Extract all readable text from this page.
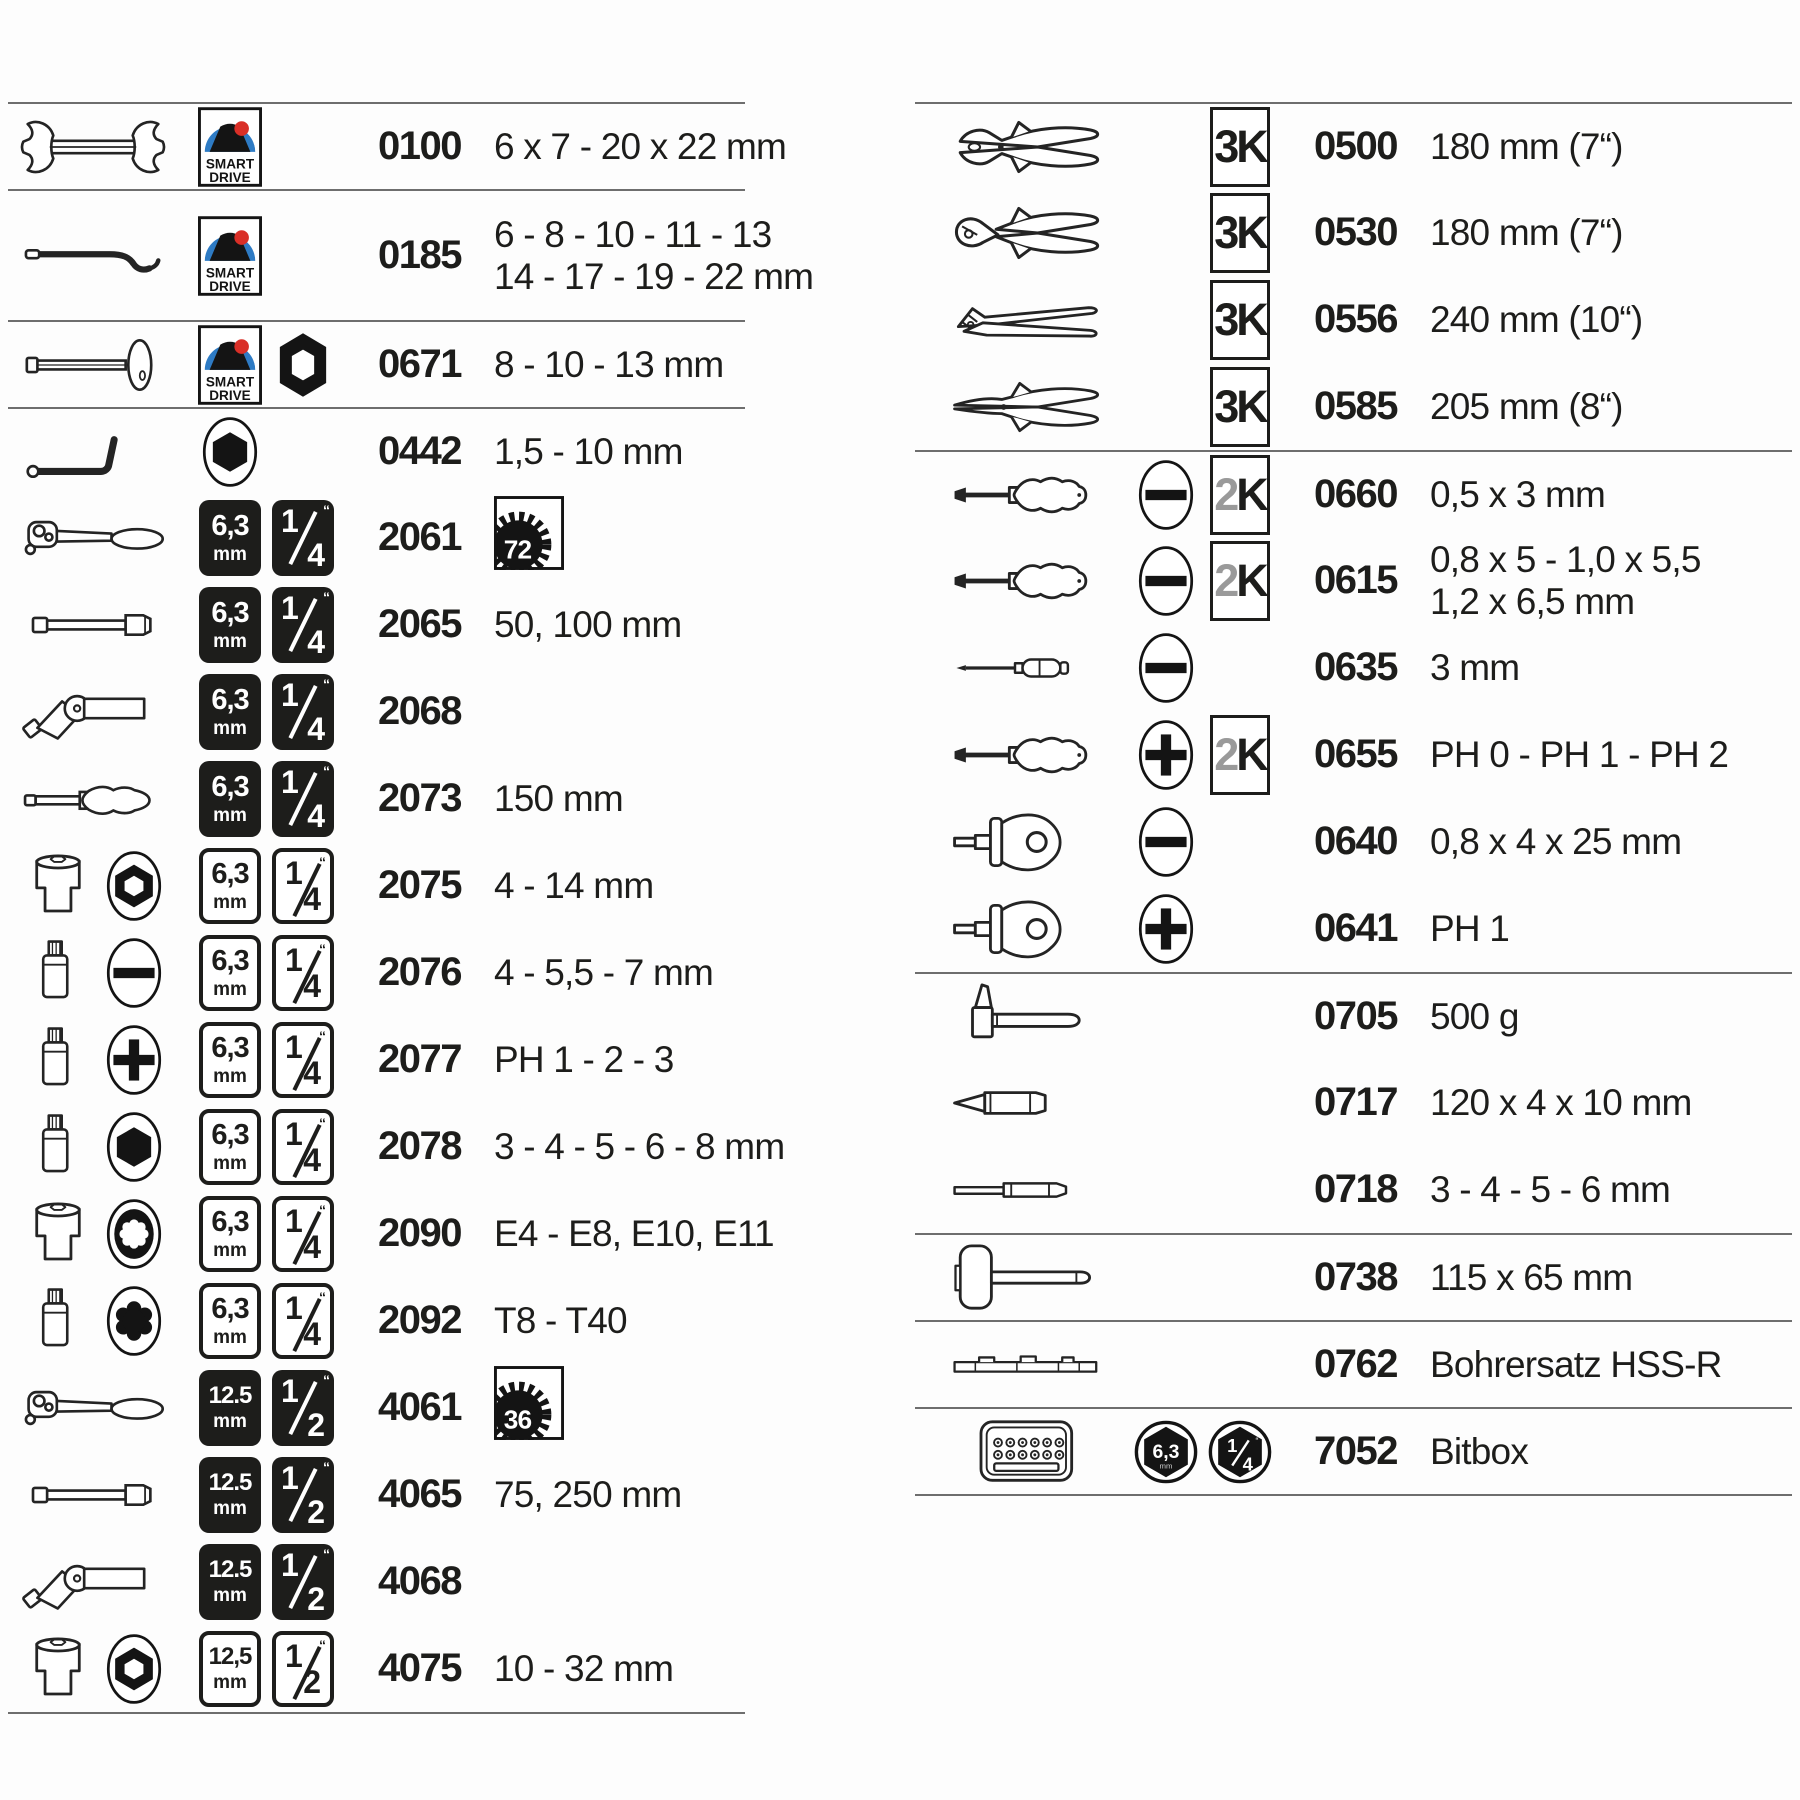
SMART
DRIVE
0100 6 x 7 - 20 x 22 mm
SMART
DRIVE
0185 6 - 8 - 10 - 11 - 13
14 - 17 - 19 - 22 mm
SMART
DRIVE
0671 8 - 10 - 13 mm
0442 1,5 - 10 mm
6,3
mm
1
4
“
2061	72
6,3
mm
1
4
“
2065 50, 100 mm
6,3
mm
1
4
“
2068
6,3
mm
1
4
“
2073 150 mm
6,3
mm
1
4
“
2075 4 - 14 mm
6,3
mm
1
4
“
2076 4 - 5,5 - 7 mm
6,3
mm
1
4
“
2077 PH 1 - 2 - 3
6,3
mm
1
4
“
2078 3 - 4 - 5 - 6 - 8 mm
6,3
mm
1
4
“
2090 E4 - E8, E10, E11
6,3
mm
1
4
“
2092 T8 - T40
12.5
mm
1
2
“
4061	36
12.5
mm
1
2
“
4065 75, 250 mm
12.5
mm
1
2
“
4068
12,5
mm
1
2
“
4075 10 - 32 mm
3 K	0500 180 mm (7“)
3 K	0530 180 mm (7“)
3 K	0556 240 mm (10“)
3 K	0585 205 mm (8“)
2 K	0660 0,5 x 3 mm
2 K	0615 0,8 x 5 - 1,0 x 5,5
1,2 x 6,5 mm
0635 3 mm
2 K	0655 PH 0 - PH 1 - PH 2
0640 0,8 x 4 x 25 mm
0641 PH 1
0705 500 g
0717 120 x 4 x 10 mm
0718 3 - 4 - 5 - 6 mm
0738 115 x 65 mm
0762 Bohrersatz HSS-R
6,3
mm
1
4
“	7052 Bitbox
